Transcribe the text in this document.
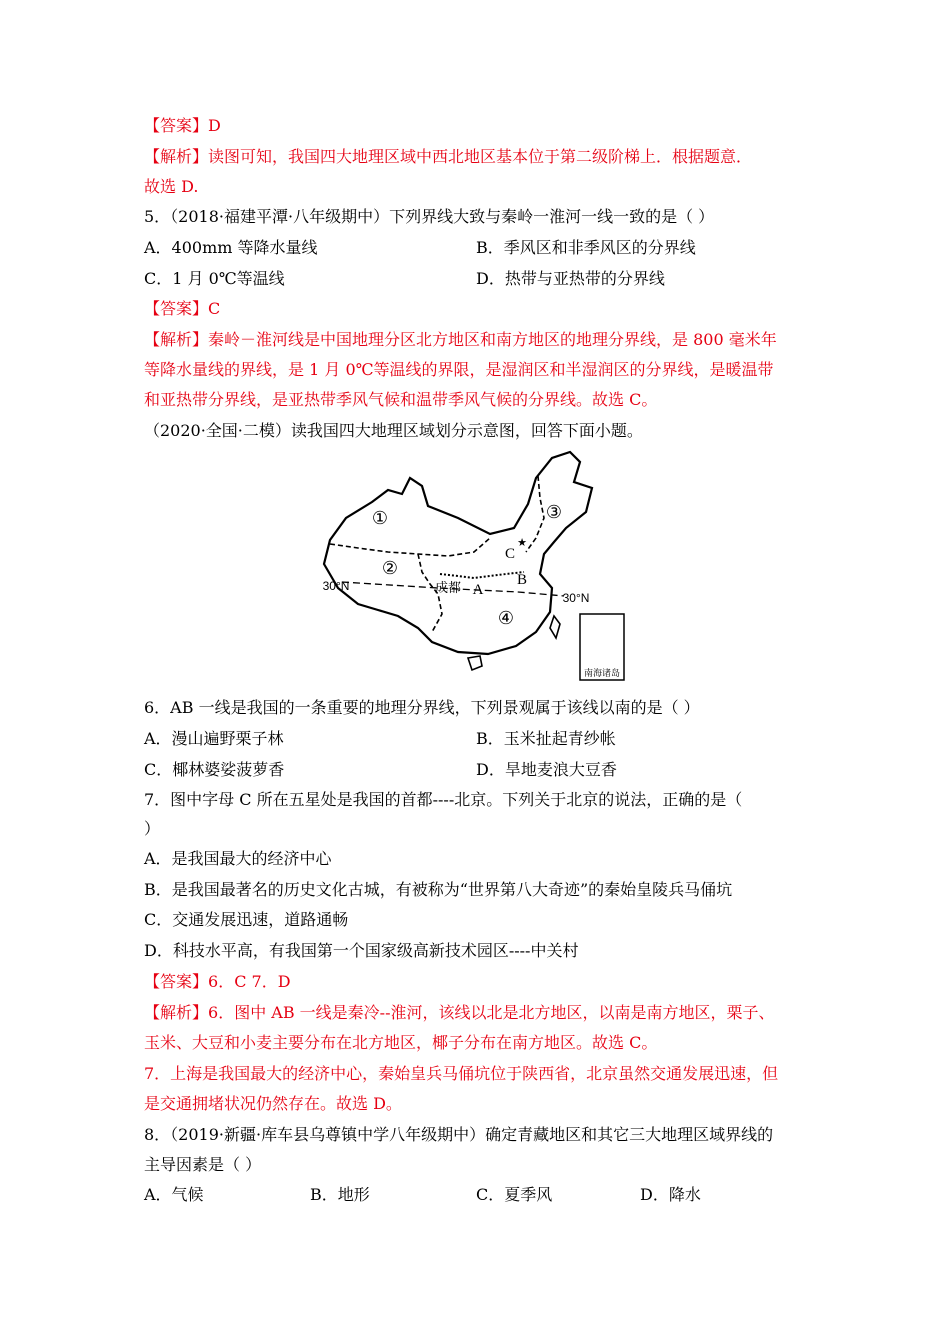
【答案】D
【解析】读图可知，我国四大地理区域中西北地区基本位于第二级阶梯上．根据题意．
故选 D.
5．（2018·福建平潭·八年级期中）下列界线大致与秦岭一淮河一线一致的是（ ）
A．400mm 等降水量线	B．季风区和非季风区的分界线
C．1 月 0℃等温线	D．热带与亚热带的分界线
【答案】C
【解析】秦岭－淮河线是中国地理分区北方地区和南方地区的地理分界线，是 800 毫米年
等降水量线的界线，是 1 月 0℃等温线的界限，是湿润区和半湿润区的分界线，是暖温带
和亚热带分界线，是亚热带季风气候和温带季风气候的分界线。故选 C。
（2020·全国·二模）读我国四大地理区域划分示意图，回答下面小题。
南海诸岛
①
②
③
④
A
B
C
★
成都
30°N
30°N
6．AB 一线是我国的一条重要的地理分界线，下列景观属于该线以南的是（ ）
A．漫山遍野栗子林	B．玉米扯起青纱帐
C．椰林婆娑菠萝香	D．旱地麦浪大豆香
7．图中字母 C 所在五星处是我国的首都----北京。下列关于北京的说法，正确的是（
）
A．是我国最大的经济中心
B．是我国最著名的历史文化古城，有被称为“世界第八大奇迹”的秦始皇陵兵马俑坑
C．交通发展迅速，道路通畅
D．科技水平高，有我国第一个国家级高新技术园区----中关村
【答案】6．C 7．D
【解析】6．图中 AB 一线是秦冷--淮河，该线以北是北方地区，以南是南方地区，栗子、
玉米、大豆和小麦主要分布在北方地区，椰子分布在南方地区。故选 C。
7．上海是我国最大的经济中心，秦始皇兵马俑坑位于陕西省，北京虽然交通发展迅速，但
是交通拥堵状况仍然存在。故选 D。
8．（2019·新疆·库车县乌尊镇中学八年级期中）确定青藏地区和其它三大地理区域界线的
主导因素是（ ）
A．气候	B．地形	C．夏季风	D．降水
